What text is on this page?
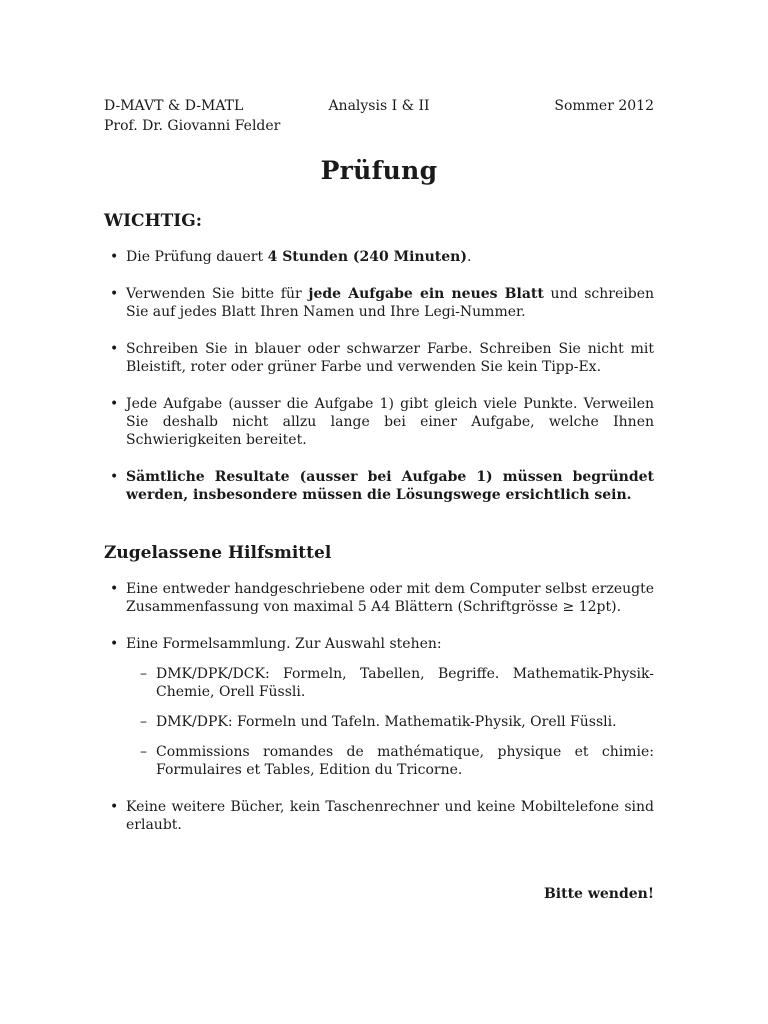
D-MAVT & D-MATL	Analysis I & II	Sommer 2012
Prof. Dr. Giovanni Felder
Prüfung
WICHTIG:
• Die Prüfung dauert 4 Stunden (240 Minuten).
• Verwenden Sie bitte für jede Aufgabe ein neues Blatt und schreiben Sie auf jedes Blatt Ihren Namen und Ihre Legi-Nummer.
• Schreiben Sie in blauer oder schwarzer Farbe. Schreiben Sie nicht mit Bleistift, roter oder grüner Farbe und verwenden Sie kein Tipp-Ex.
• Jede Aufgabe (ausser die Aufgabe 1) gibt gleich viele Punkte. Verweilen Sie deshalb nicht allzu lange bei einer Aufgabe, welche Ihnen Schwierigkeiten bereitet.
• Sämtliche Resultate (ausser bei Aufgabe 1) müssen begründet werden, insbesondere müssen die Lösungswege ersichtlich sein.
Zugelassene Hilfsmittel
• Eine entweder handgeschriebene oder mit dem Computer selbst erzeugte Zusammenfassung von maximal 5 A4 Blättern (Schriftgrösse ≥ 12pt).
• Eine Formelsammlung. Zur Auswahl stehen:
– DMK/DPK/DCK: Formeln, Tabellen, Begriffe. Mathematik-Physik-Chemie, Orell Füssli.
– DMK/DPK: Formeln und Tafeln. Mathematik-Physik, Orell Füssli.
– Commissions romandes de mathématique, physique et chimie: Formulaires et Tables, Edition du Tricorne.
• Keine weitere Bücher, kein Taschenrechner und keine Mobiltelefone sind erlaubt.
Bitte wenden!
